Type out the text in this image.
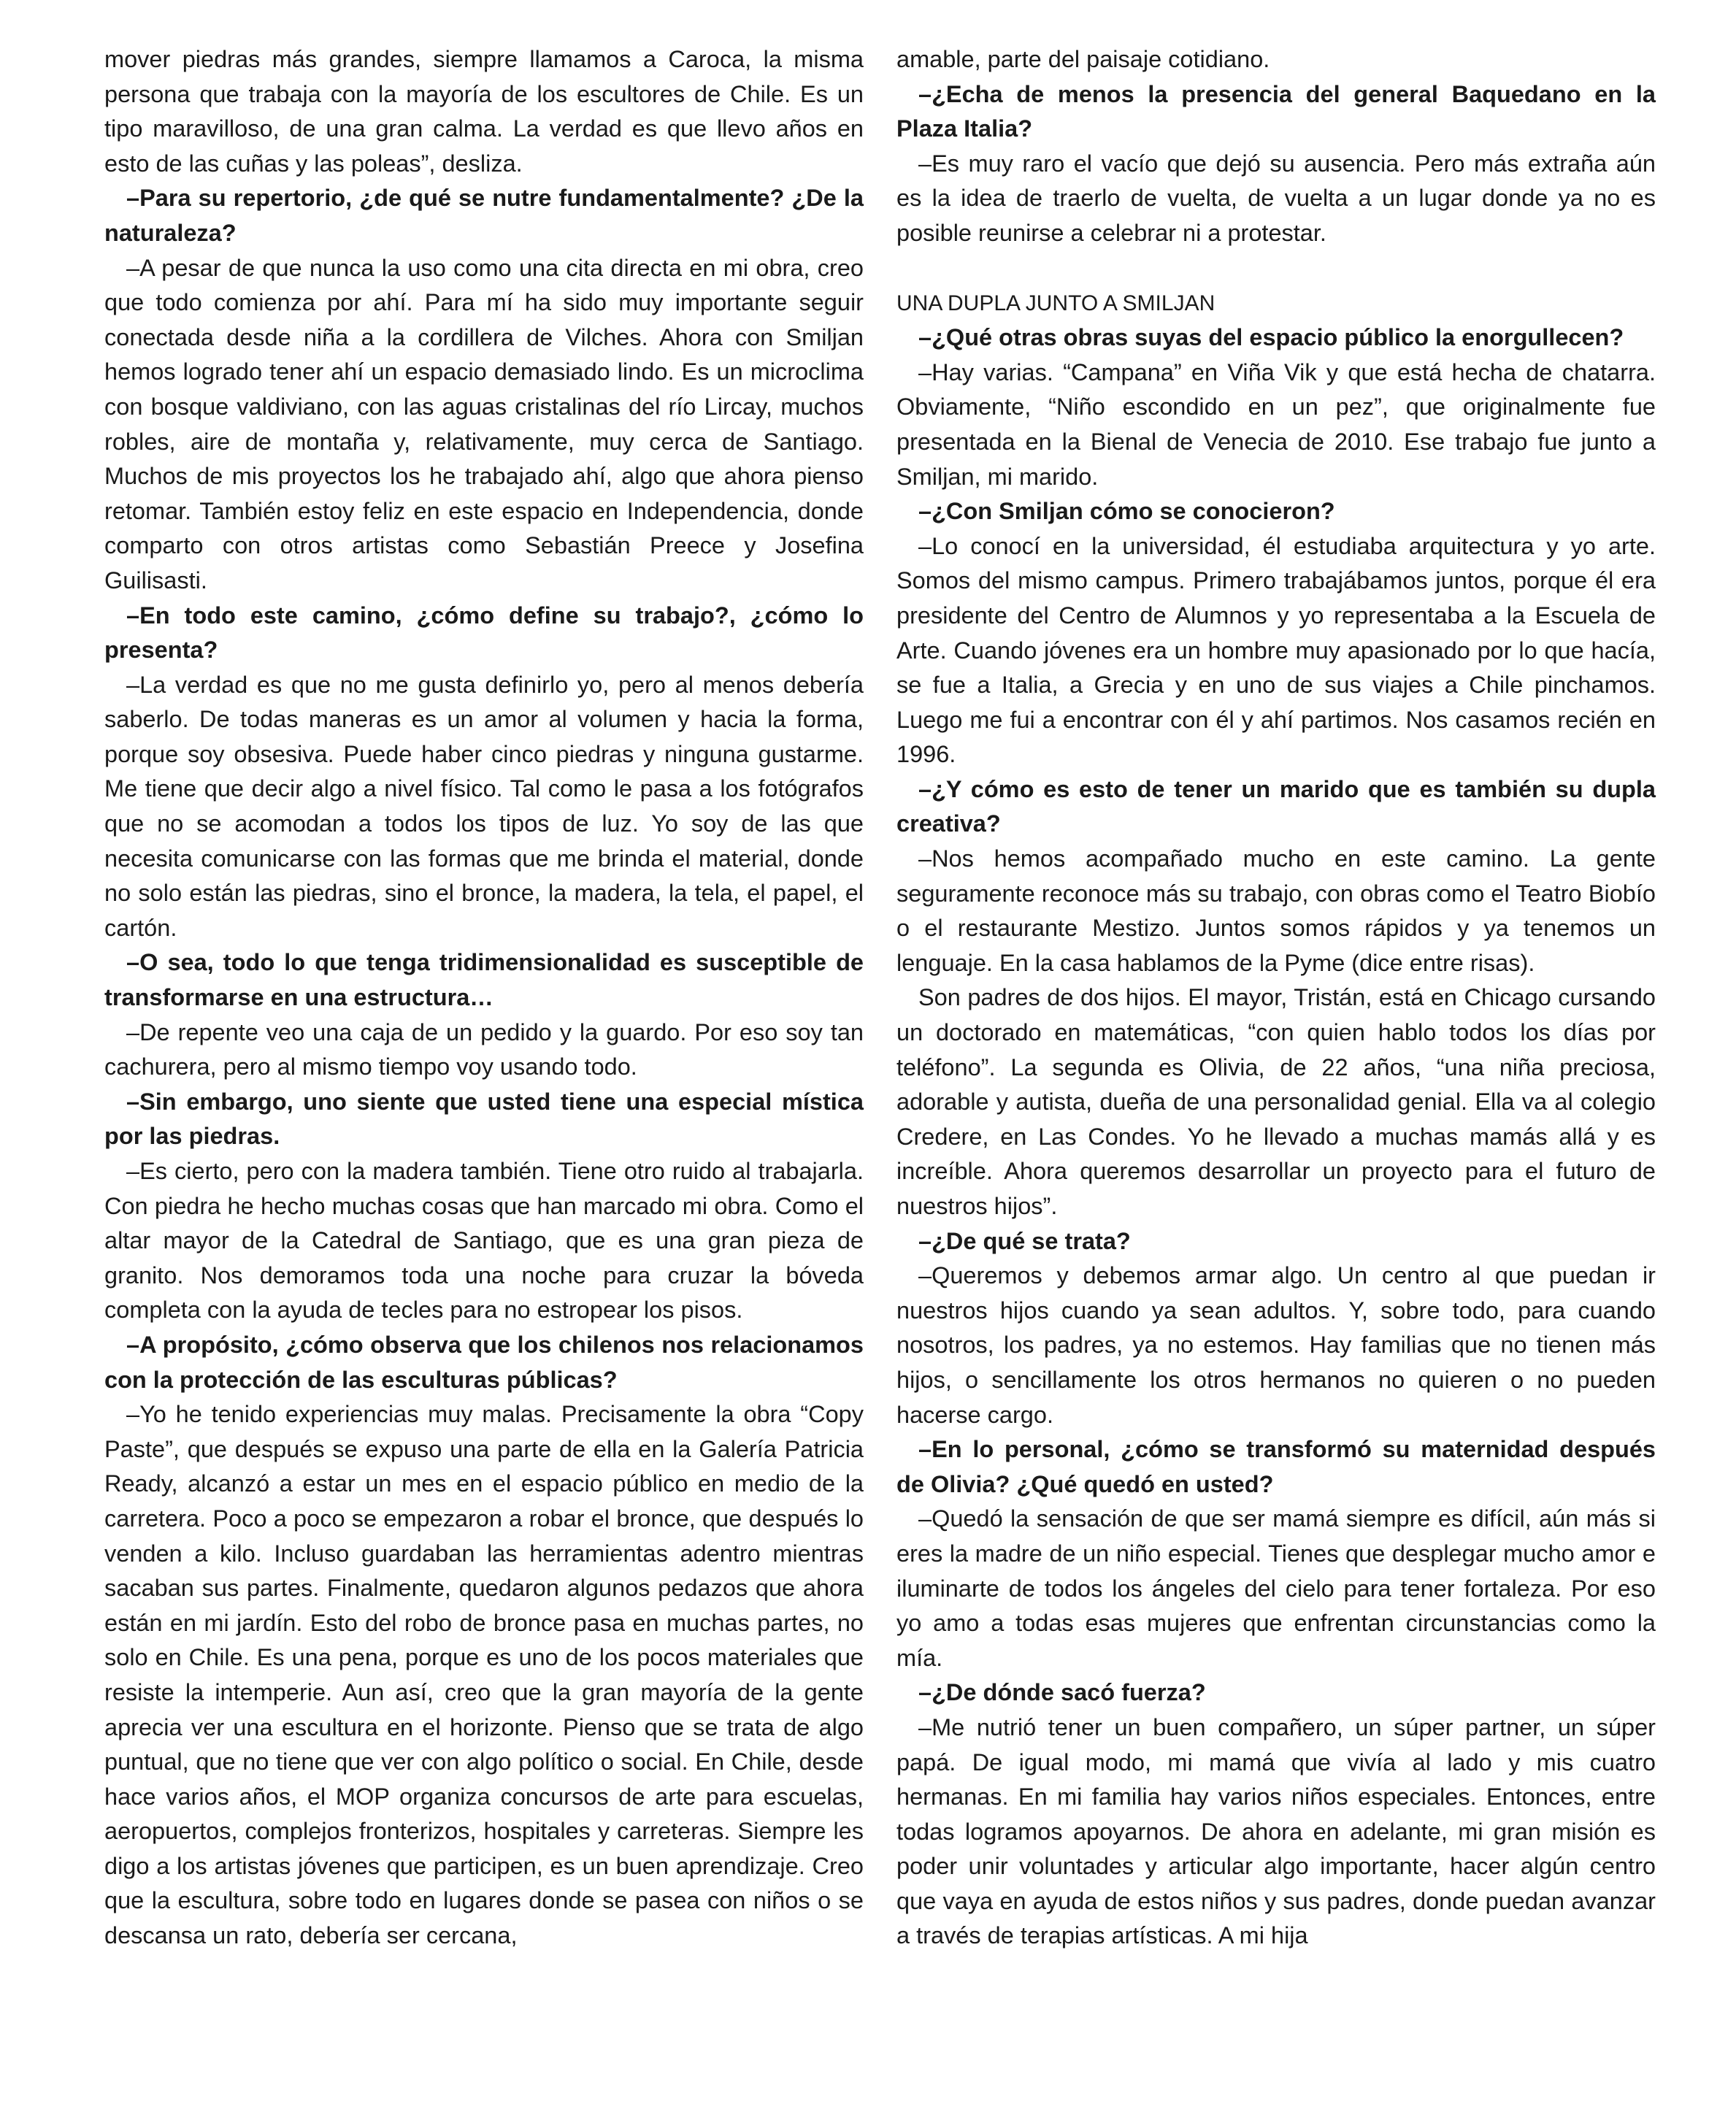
mover piedras más grandes, siempre llamamos a Caroca, la misma persona que trabaja con la mayoría de los escultores de Chile. Es un tipo maravilloso, de una gran calma. La verdad es que llevo años en esto de las cuñas y las poleas”, desliza.

–Para su repertorio, ¿de qué se nutre fundamentalmente? ¿De la naturaleza?

–A pesar de que nunca la uso como una cita directa en mi obra, creo que todo comienza por ahí. Para mí ha sido muy importante seguir conectada desde niña a la cordillera de Vilches. Ahora con Smiljan hemos logrado tener ahí un espacio demasiado lindo. Es un microclima con bosque valdiviano, con las aguas cristalinas del río Lircay, muchos robles, aire de montaña y, relativamente, muy cerca de Santiago. Muchos de mis proyectos los he trabajado ahí, algo que ahora pienso retomar. También estoy feliz en este espacio en Independencia, donde comparto con otros artistas como Sebastián Preece y Josefina Guilisasti.

–En todo este camino, ¿cómo define su trabajo?, ¿cómo lo presenta?

–La verdad es que no me gusta definirlo yo, pero al menos debería saberlo. De todas maneras es un amor al volumen y hacia la forma, porque soy obsesiva. Puede haber cinco piedras y ninguna gustarme. Me tiene que decir algo a nivel físico. Tal como le pasa a los fotógrafos que no se acomodan a todos los tipos de luz. Yo soy de las que necesita comunicarse con las formas que me brinda el material, donde no solo están las piedras, sino el bronce, la madera, la tela, el papel, el cartón.

–O sea, todo lo que tenga tridimensionalidad es susceptible de transformarse en una estructura…

–De repente veo una caja de un pedido y la guardo. Por eso soy tan cachurera, pero al mismo tiempo voy usando todo.

–Sin embargo, uno siente que usted tiene una especial mística por las piedras.

–Es cierto, pero con la madera también. Tiene otro ruido al trabajarla. Con piedra he hecho muchas cosas que han marcado mi obra. Como el altar mayor de la Catedral de Santiago, que es una gran pieza de granito. Nos demoramos toda una noche para cruzar la bóveda completa con la ayuda de tecles para no estropear los pisos.

–A propósito, ¿cómo observa que los chilenos nos relacionamos con la protección de las esculturas públicas?

–Yo he tenido experiencias muy malas. Precisamente la obra “Copy Paste”, que después se expuso una parte de ella en la Galería Patricia Ready, alcanzó a estar un mes en el espacio público en medio de la carretera. Poco a poco se empezaron a robar el bronce, que después lo venden a kilo. Incluso guardaban las herramientas adentro mientras sacaban sus partes. Finalmente, quedaron algunos pedazos que ahora están en mi jardín. Esto del robo de bronce pasa en muchas partes, no solo en Chile. Es una pena, porque es uno de los pocos materiales que resiste la intemperie. Aun así, creo que la gran mayoría de la gente aprecia ver una escultura en el horizonte. Pienso que se trata de algo puntual, que no tiene que ver con algo político o social. En Chile, desde hace varios años, el MOP organiza concursos de arte para escuelas, aeropuertos, complejos fronterizos, hospitales y carreteras. Siempre les digo a los artistas jóvenes que participen, es un buen aprendizaje. Creo que la escultura, sobre todo en lugares donde se pasea con niños o se descansa un rato, debería ser cercana,

amable, parte del paisaje cotidiano.

–¿Echa de menos la presencia del general Baquedano en la Plaza Italia?

–Es muy raro el vacío que dejó su ausencia. Pero más extraña aún es la idea de traerlo de vuelta, de vuelta a un lugar donde ya no es posible reunirse a celebrar ni a protestar.

UNA DUPLA JUNTO A SMILJAN

–¿Qué otras obras suyas del espacio público la enorgullecen?

–Hay varias. “Campana” en Viña Vik y que está hecha de chatarra. Obviamente, “Niño escondido en un pez”, que originalmente fue presentada en la Bienal de Venecia de 2010. Ese trabajo fue junto a Smiljan, mi marido.

–¿Con Smiljan cómo se conocieron?

–Lo conocí en la universidad, él estudiaba arquitectura y yo arte. Somos del mismo campus. Primero trabajábamos juntos, porque él era presidente del Centro de Alumnos y yo representaba a la Escuela de Arte. Cuando jóvenes era un hombre muy apasionado por lo que hacía, se fue a Italia, a Grecia y en uno de sus viajes a Chile pinchamos. Luego me fui a encontrar con él y ahí partimos. Nos casamos recién en 1996.

–¿Y cómo es esto de tener un marido que es también su dupla creativa?

–Nos hemos acompañado mucho en este camino. La gente seguramente reconoce más su trabajo, con obras como el Teatro Biobío o el restaurante Mestizo. Juntos somos rápidos y ya tenemos un lenguaje. En la casa hablamos de la Pyme (dice entre risas).

Son padres de dos hijos. El mayor, Tristán, está en Chicago cursando un doctorado en matemáticas, “con quien hablo todos los días por teléfono”. La segunda es Olivia, de 22 años, “una niña preciosa, adorable y autista, dueña de una personalidad genial. Ella va al colegio Credere, en Las Condes. Yo he llevado a muchas mamás allá y es increíble. Ahora queremos desarrollar un proyecto para el futuro de nuestros hijos”.

–¿De qué se trata?

–Queremos y debemos armar algo. Un centro al que puedan ir nuestros hijos cuando ya sean adultos. Y, sobre todo, para cuando nosotros, los padres, ya no estemos. Hay familias que no tienen más hijos, o sencillamente los otros hermanos no quieren o no pueden hacerse cargo.

–En lo personal, ¿cómo se transformó su maternidad después de Olivia? ¿Qué quedó en usted?

–Quedó la sensación de que ser mamá siempre es difícil, aún más si eres la madre de un niño especial. Tienes que desplegar mucho amor e iluminarte de todos los ángeles del cielo para tener fortaleza. Por eso yo amo a todas esas mujeres que enfrentan circunstancias como la mía.

–¿De dónde sacó fuerza?

–Me nutrió tener un buen compañero, un súper partner, un súper papá. De igual modo, mi mamá que vivía al lado y mis cuatro hermanas. En mi familia hay varios niños especiales. Entonces, entre todas logramos apoyarnos. De ahora en adelante, mi gran misión es poder unir voluntades y articular algo importante, hacer algún centro que vaya en ayuda de estos niños y sus padres, donde puedan avanzar a través de terapias artísticas. A mi hija
